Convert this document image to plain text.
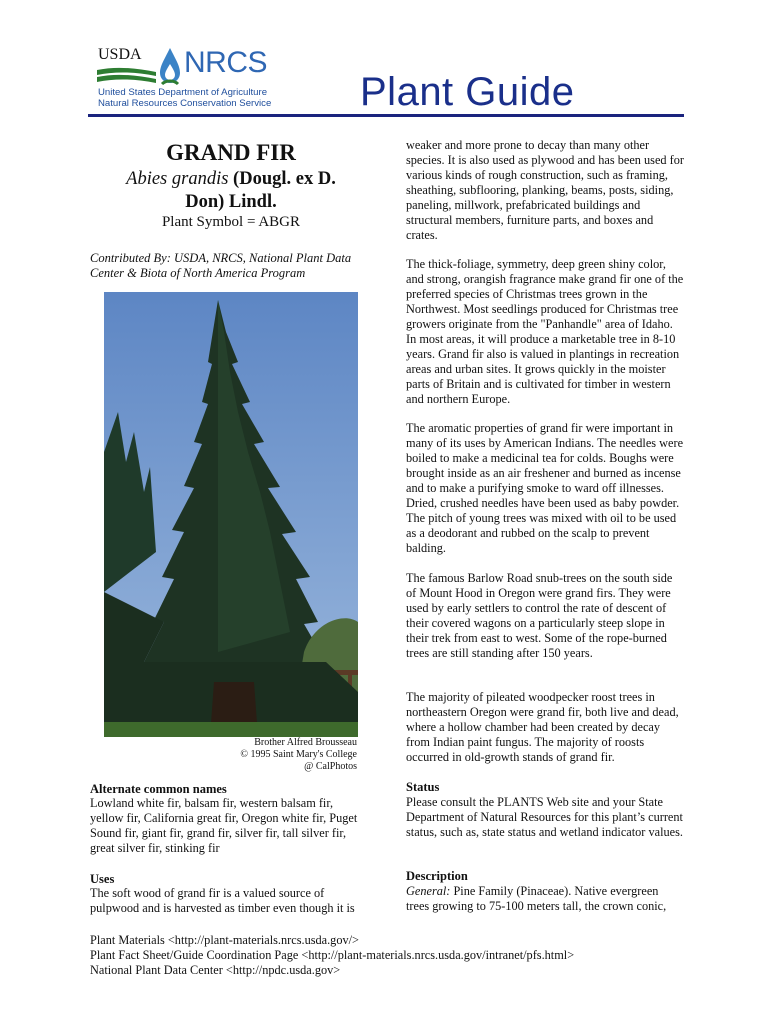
USDA NRCS
United States Department of Agriculture
Natural Resources Conservation Service Plant Guide
GRAND FIR
Abies grandis (Dougl. ex D.
Don) Lindl.
Plant Symbol = ABGR
Contributed By: USDA, NRCS, National Plant Data Center & Biota of North America Program
Brother Alfred Brousseau
© 1995 Saint Mary's College
@ CalPhotos
Alternate common names
Lowland white fir, balsam fir, western balsam fir, yellow fir, California great fir, Oregon white fir, Puget Sound fir, giant fir, grand fir, silver fir, tall silver fir, great silver fir, stinking fir
Uses
The soft wood of grand fir is a valued source of pulpwood and is harvested as timber even though it is
weaker and more prone to decay than many other species. It is also used as plywood and has been used for various kinds of rough construction, such as framing, sheathing, subflooring, planking, beams, posts, siding, paneling, millwork, prefabricated buildings and structural members, furniture parts, and boxes and crates.
The thick-foliage, symmetry, deep green shiny color, and strong, orangish fragrance make grand fir one of the preferred species of Christmas trees grown in the Northwest. Most seedlings produced for Christmas tree growers originate from the "Panhandle" area of Idaho. In most areas, it will produce a marketable tree in 8-10 years. Grand fir also is valued in plantings in recreation areas and urban sites. It grows quickly in the moister parts of Britain and is cultivated for timber in western and northern Europe.
The aromatic properties of grand fir were important in many of its uses by American Indians. The needles were boiled to make a medicinal tea for colds. Boughs were brought inside as an air freshener and burned as incense and to make a purifying smoke to ward off illnesses. Dried, crushed needles have been used as baby powder. The pitch of young trees was mixed with oil to be used as a deodorant and rubbed on the scalp to prevent balding.
The famous Barlow Road snub-trees on the south side of Mount Hood in Oregon were grand firs. They were used by early settlers to control the rate of descent of their covered wagons on a particularly steep slope in their trek from east to west. Some of the rope-burned trees are still standing after 150 years.
The majority of pileated woodpecker roost trees in northeastern Oregon were grand fir, both live and dead, where a hollow chamber had been created by decay from Indian paint fungus. The majority of roosts occurred in old-growth stands of grand fir.
Status
Please consult the PLANTS Web site and your State Department of Natural Resources for this plant’s current status, such as, state status and wetland indicator values.
Description
General: Pine Family (Pinaceae). Native evergreen trees growing to 75-100 meters tall, the crown conic,
Plant Materials <http://plant-materials.nrcs.usda.gov/>
Plant Fact Sheet/Guide Coordination Page <http://plant-materials.nrcs.usda.gov/intranet/pfs.html>
National Plant Data Center <http://npdc.usda.gov>
